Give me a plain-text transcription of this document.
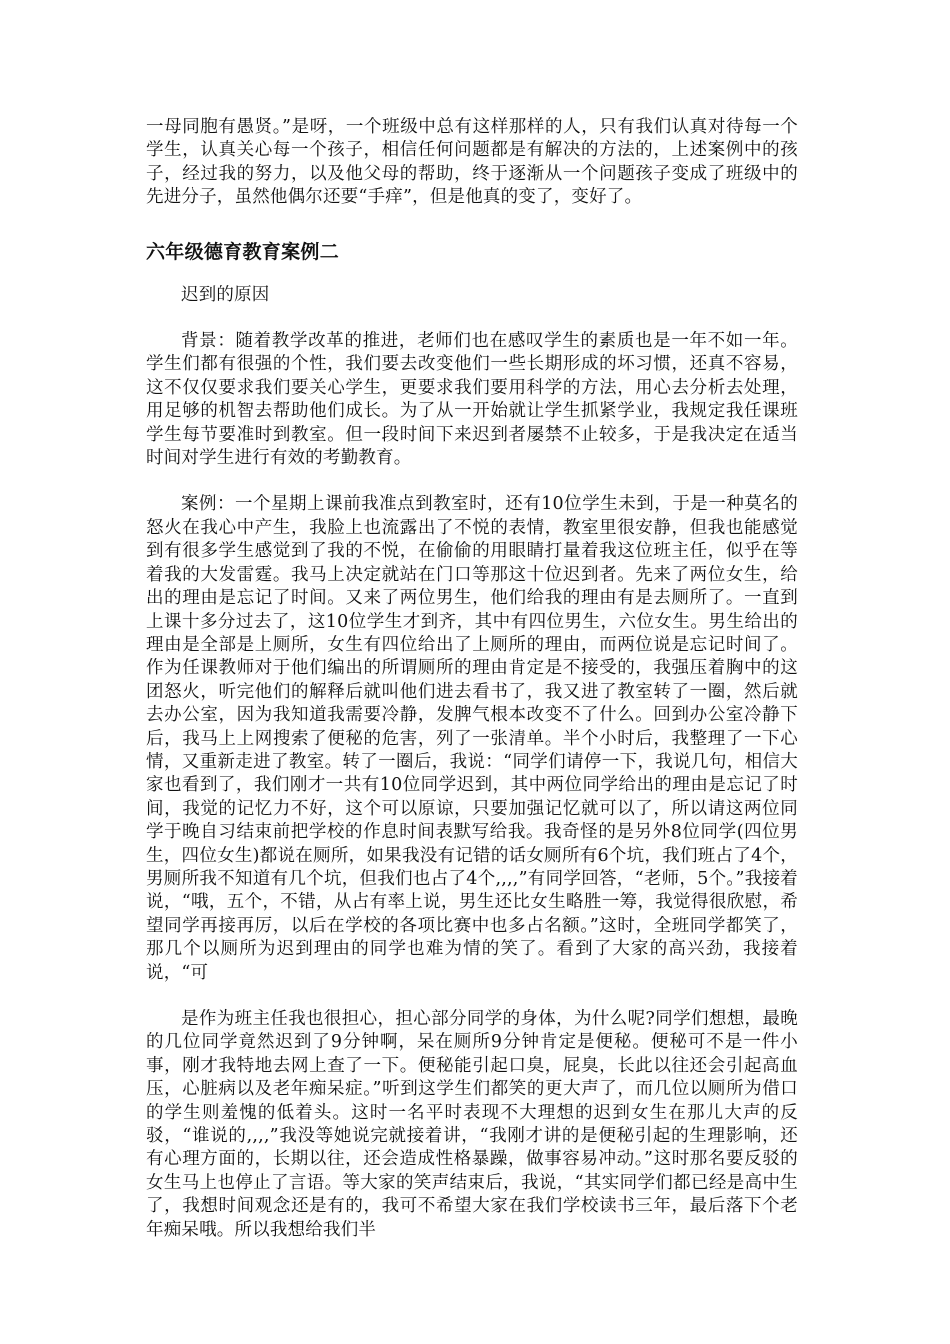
一母同胞有愚贤。”是呀，一个班级中总有这样那样的人，只有我们认真对待每一个学生，认真关心每一个孩子，相信任何问题都是有解决的方法的，上述案例中的孩子，经过我的努力，以及他父母的帮助，终于逐渐从一个问题孩子变成了班级中的先进分子，虽然他偶尔还要“手痒”，但是他真的变了，变好了。

六年级德育教育案例二

迟到的原因

背景：随着教学改革的推进，老师们也在感叹学生的素质也是一年不如一年。学生们都有很强的个性，我们要去改变他们一些长期形成的坏习惯，还真不容易，这不仅仅要求我们要关心学生，更要求我们要用科学的方法，用心去分析去处理，用足够的机智去帮助他们成长。为了从一开始就让学生抓紧学业，我规定我任课班学生每节要准时到教室。但一段时间下来迟到者屡禁不止较多，于是我决定在适当时间对学生进行有效的考勤教育。

案例：一个星期上课前我准点到教室时，还有10位学生未到，于是一种莫名的怒火在我心中产生，我脸上也流露出了不悦的表情，教室里很安静，但我也能感觉到有很多学生感觉到了我的不悦，在偷偷的用眼睛打量着我这位班主任，似乎在等着我的大发雷霆。我马上决定就站在门口等那这十位迟到者。先来了两位女生，给出的理由是忘记了时间。又来了两位男生，他们给我的理由有是去厕所了。一直到上课十多分过去了，这10位学生才到齐，其中有四位男生，六位女生。男生给出的理由是全部是上厕所，女生有四位给出了上厕所的理由，而两位说是忘记时间了。作为任课教师对于他们编出的所谓厕所的理由肯定是不接受的，我强压着胸中的这团怒火，听完他们的解释后就叫他们进去看书了，我又进了教室转了一圈，然后就去办公室，因为我知道我需要冷静，发脾气根本改变不了什么。回到办公室冷静下后，我马上上网搜索了便秘的危害，列了一张清单。半个小时后，我整理了一下心情，又重新走进了教室。转了一圈后，我说：“同学们请停一下，我说几句，相信大家也看到了，我们刚才一共有10位同学迟到，其中两位同学给出的理由是忘记了时间，我觉的记忆力不好，这个可以原谅，只要加强记忆就可以了，所以请这两位同学于晚自习结束前把学校的作息时间表默写给我。我奇怪的是另外8位同学(四位男生，四位女生)都说在厕所，如果我没有记错的话女厕所有6个坑，我们班占了4个，男厕所我不知道有几个坑，但我们也占了4个,,,,”有同学回答，“老师，5个。”我接着说，“哦，五个，不错，从占有率上说，男生还比女生略胜一筹，我觉得很欣慰，希望同学再接再厉，以后在学校的各项比赛中也多占名额。”这时，全班同学都笑了，那几个以厕所为迟到理由的同学也难为情的笑了。看到了大家的高兴劲，我接着说，“可

是作为班主任我也很担心，担心部分同学的身体，为什么呢?同学们想想，最晚的几位同学竟然迟到了9分钟啊，呆在厕所9分钟肯定是便秘。便秘可不是一件小事，刚才我特地去网上查了一下。便秘能引起口臭，屁臭，长此以往还会引起高血压，心脏病以及老年痴呆症。”听到这学生们都笑的更大声了，而几位以厕所为借口的学生则羞愧的低着头。这时一名平时表现不大理想的迟到女生在那儿大声的反驳，“谁说的,,,,”我没等她说完就接着讲，“我刚才讲的是便秘引起的生理影响，还有心理方面的，长期以往，还会造成性格暴躁，做事容易冲动。”这时那名要反驳的女生马上也停止了言语。等大家的笑声结束后，我说，“其实同学们都已经是高中生了，我想时间观念还是有的，我可不希望大家在我们学校读书三年，最后落下个老年痴呆哦。所以我想给我们半
